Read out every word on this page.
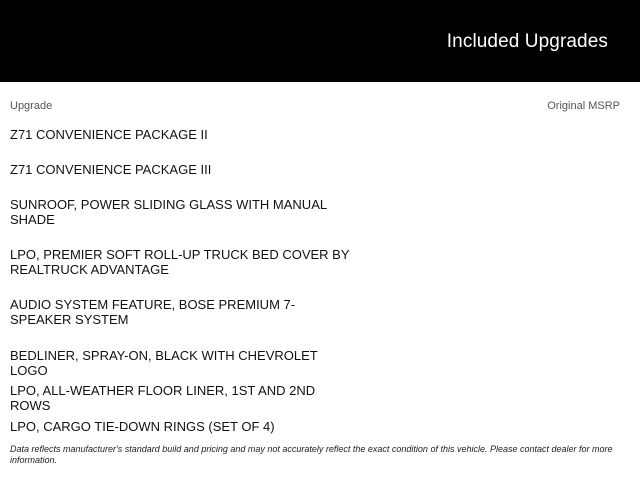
Included Upgrades
Upgrade	Original MSRP
Z71 CONVENIENCE PACKAGE II
Z71 CONVENIENCE PACKAGE III
SUNROOF, POWER SLIDING GLASS WITH MANUAL SHADE
LPO, PREMIER SOFT ROLL-UP TRUCK BED COVER BY REALTRUCK ADVANTAGE
AUDIO SYSTEM FEATURE, BOSE PREMIUM 7-SPEAKER SYSTEM
BEDLINER, SPRAY-ON, BLACK WITH CHEVROLET LOGO
LPO, ALL-WEATHER FLOOR LINER, 1ST AND 2ND ROWS
LPO, CARGO TIE-DOWN RINGS (SET OF 4)
Data reflects manufacturer's standard build and pricing and may not accurately reflect the exact condition of this vehicle. Please contact dealer for more information.
